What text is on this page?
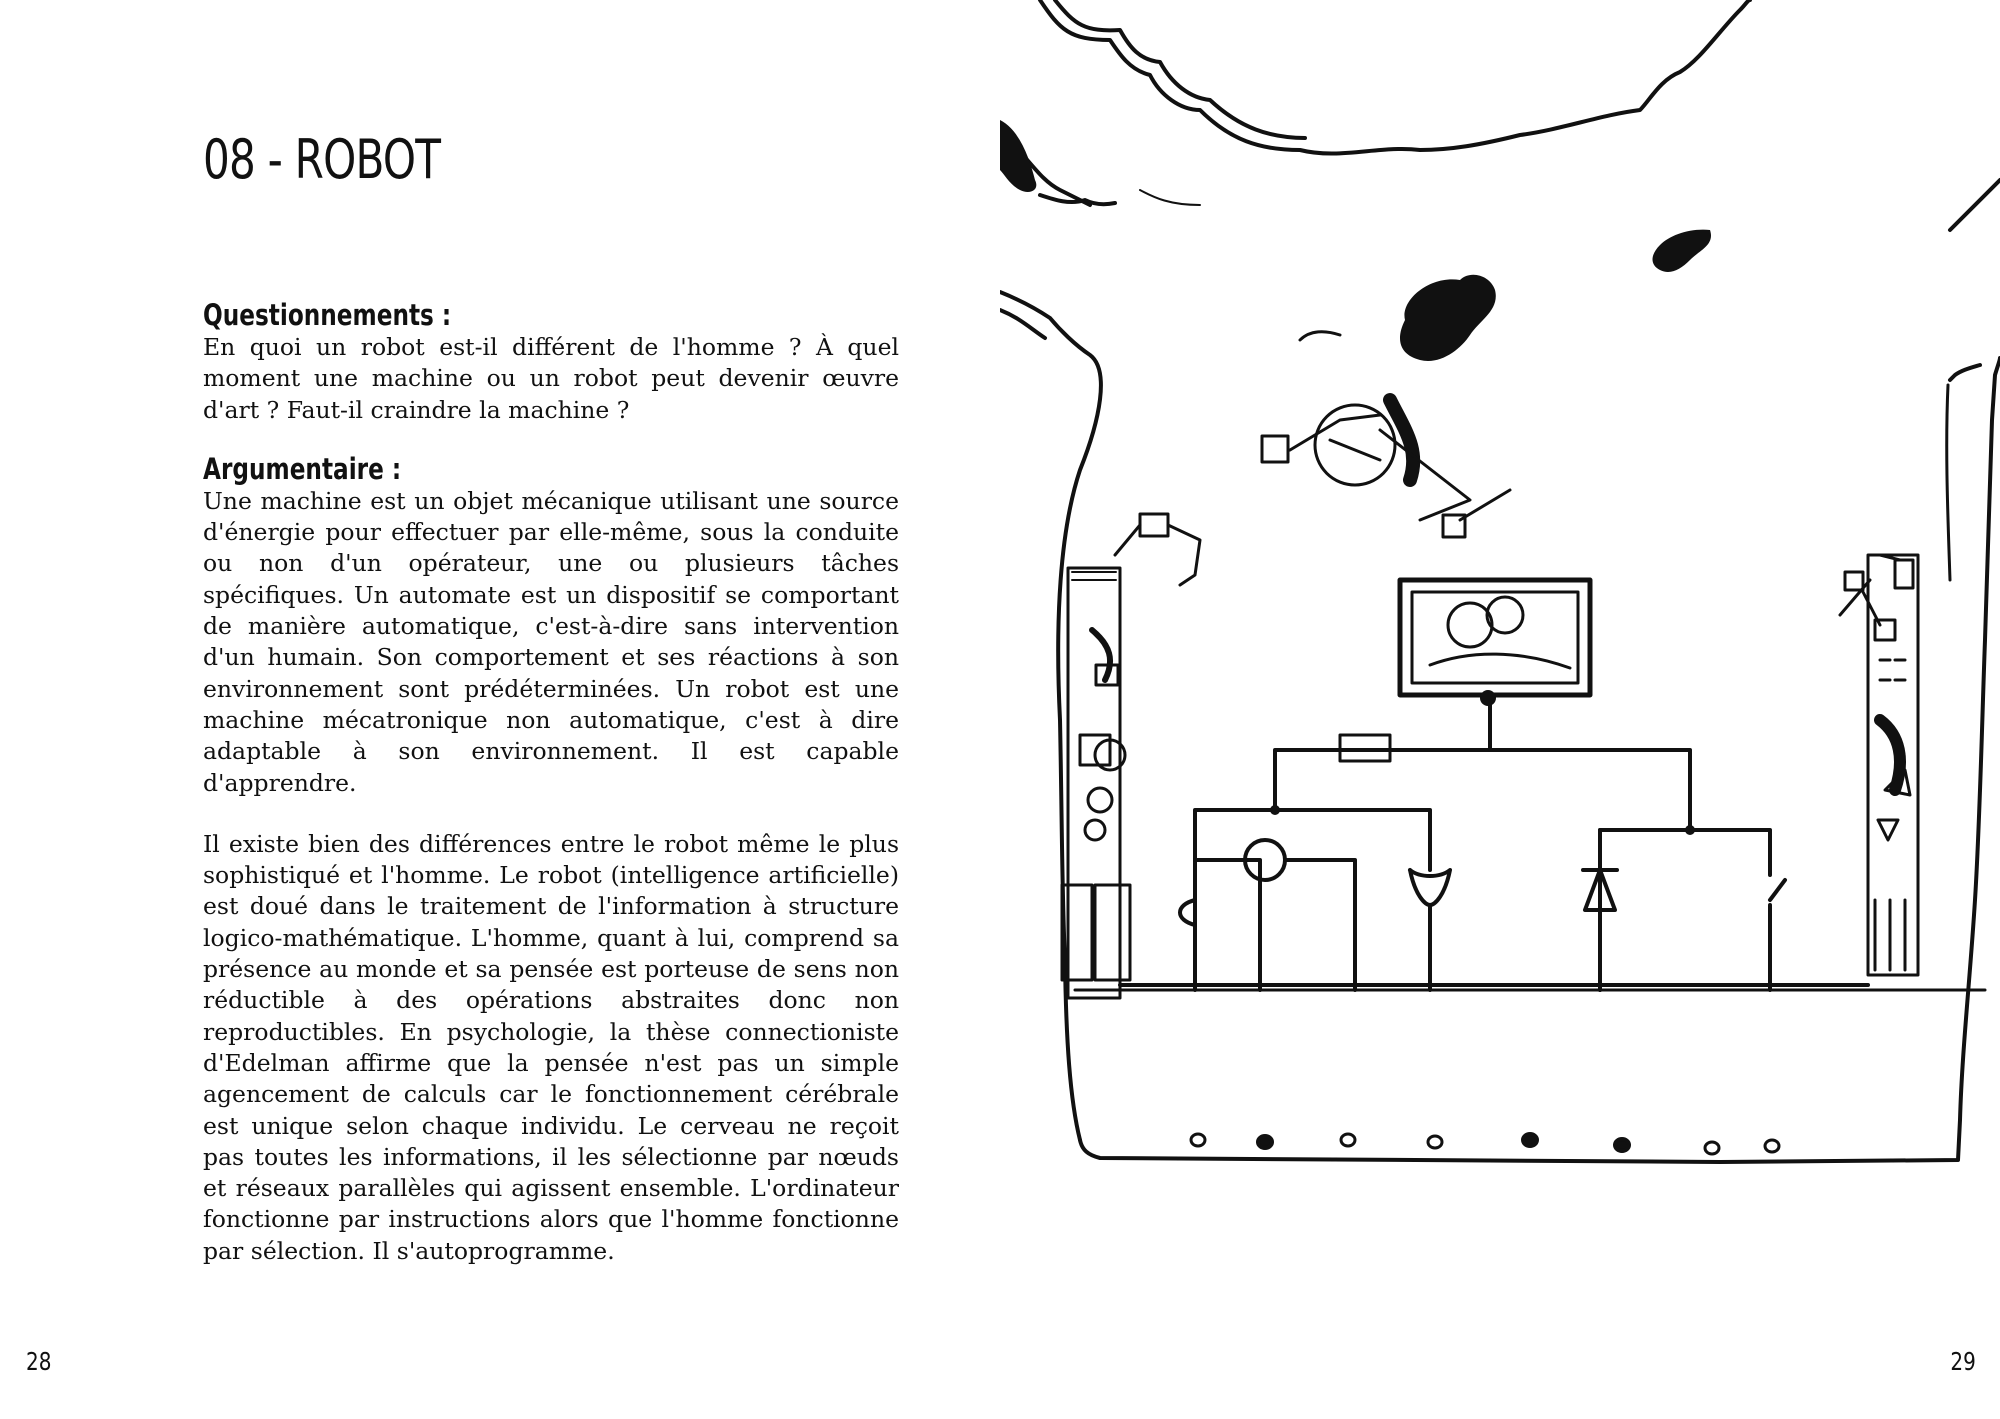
08 - ROBOT
Questionnements :

En quoi un robot est-il différent de l'homme ? À quel moment une machine ou un robot peut devenir œuvre d'art ? Faut-il craindre la machine ?

Argumentaire :

Une machine est un objet mécanique utilisant une source d'énergie pour effectuer par elle-même, sous la conduite ou non d'un opérateur, une ou plusieurs tâches spécifiques. Un automate est un dispositif se comportant de manière automatique, c'est-à-dire sans intervention d'un humain. Son comportement et ses réactions à son environnement sont prédéterminées. Un robot est une machine mécatronique non automatique, c'est à dire adaptable à son environnement. Il est capable d'apprendre.

Il existe bien des différences entre le robot même le plus sophistiqué et l'homme. Le robot (intelligence artificielle) est doué dans le traitement de l'information à structure logico-mathématique. L'homme, quant à lui, comprend sa présence au monde et sa pensée est porteuse de sens non réductible à des opérations abstraites donc non reproductibles. En psychologie, la thèse connectioniste d'Edelman affirme que la pensée n'est pas un simple agencement de calculs car le fonctionnement cérébrale est unique selon chaque individu. Le cerveau ne reçoit pas toutes les informations, il les sélectionne par nœuds et réseaux parallèles qui agissent ensemble. L'ordinateur fonctionne par instructions alors que l'homme fonctionne par sélection. Il s'autoprogramme.

28	29
